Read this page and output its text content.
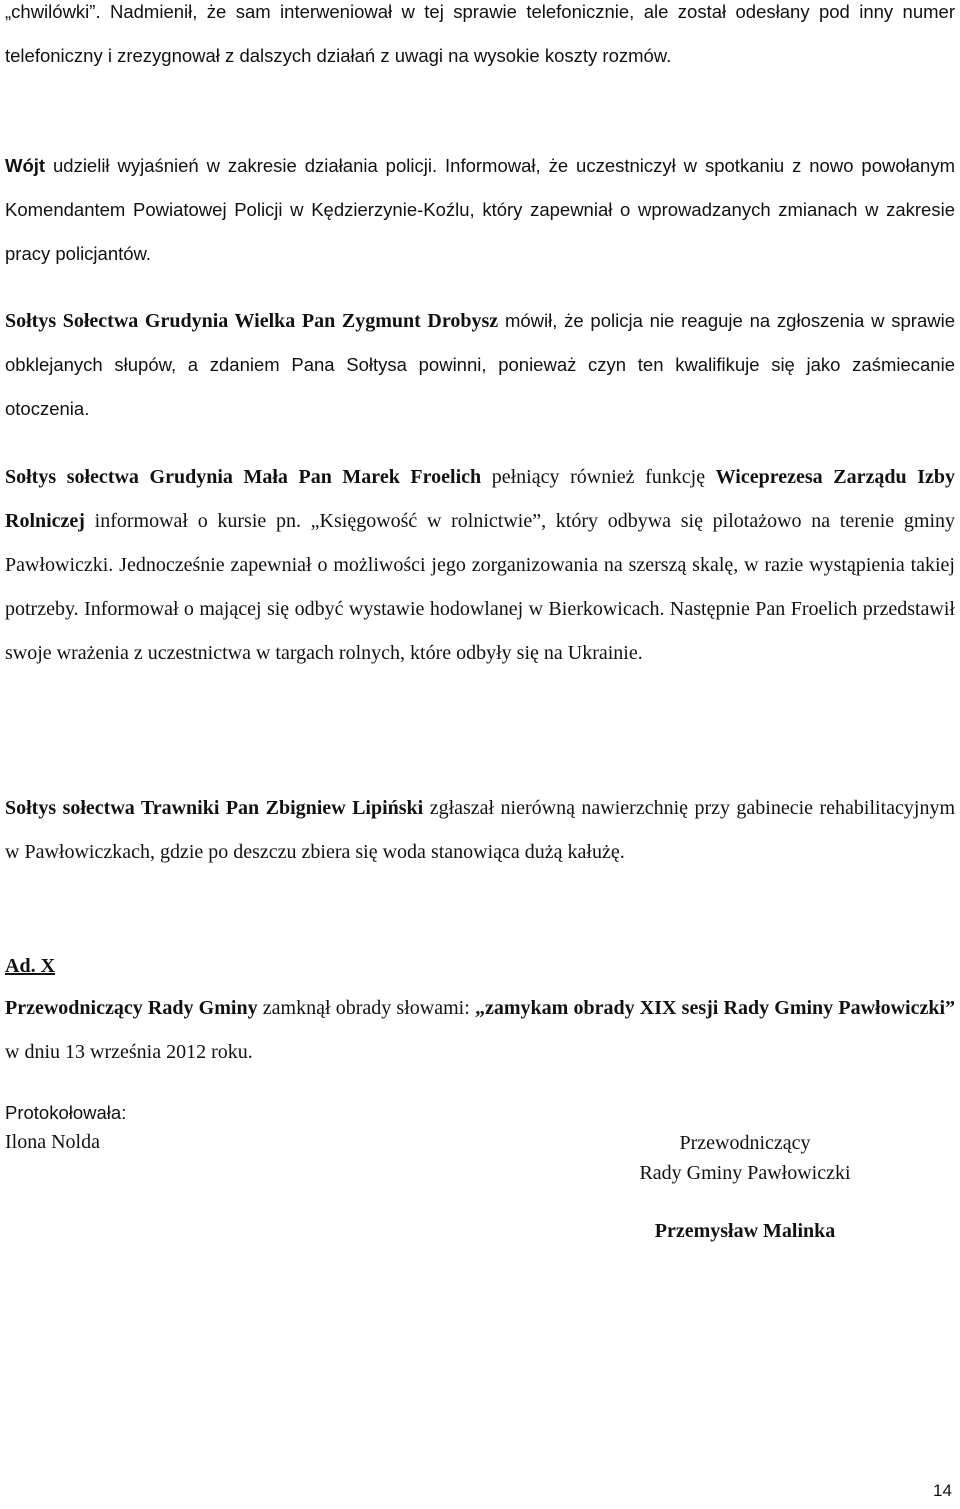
„chwilówki”. Nadmienił, że sam interweniował w tej sprawie telefonicznie, ale został odesłany pod inny numer telefoniczny i zrezygnował z dalszych działań z uwagi na wysokie koszty rozmów.

Wójt udzielił wyjaśnień w zakresie działania policji. Informował, że uczestniczył w spotkaniu z nowo powołanym Komendantem Powiatowej Policji w Kędzierzynie-Koźlu, który zapewniał o wprowadzanych zmianach w zakresie pracy policjantów.

Sołtys Sołectwa Grudynia Wielka Pan Zygmunt Drobysz mówił, że policja nie reaguje na zgłoszenia w sprawie obklejanych słupów, a zdaniem Pana Sołtysa powinni, ponieważ czyn ten kwalifikuje się jako zaśmiecanie otoczenia.

Sołtys sołectwa Grudynia Mała Pan Marek Froelich pełniący również funkcję Wiceprezesa Zarządu Izby Rolniczej informował o kursie pn. „Księgowość w rolnictwie”, który odbywa się pilotażowo na terenie gminy Pawłowiczki. Jednocześnie zapewniał o możliwości jego zorganizowania na szerszą skalę, w razie wystąpienia takiej potrzeby. Informował o mającej się odbyć wystawie hodowlanej w Bierkowicach. Następnie Pan Froelich przedstawił swoje wrażenia z uczestnictwa w targach rolnych, które odbyły się na Ukrainie.

Sołtys sołectwa Trawniki Pan Zbigniew Lipiński zgłaszał nierówną nawierzchnię przy gabinecie rehabilitacyjnym w Pawłowiczkach, gdzie po deszczu zbiera się woda stanowiąca dużą kałużę.

Ad. X

Przewodniczący Rady Gminy zamknął obrady słowami: „zamykam obrady XIX sesji Rady Gminy Pawłowiczki” w dniu 13 września 2012 roku.

Protokołowała:

Ilona Nolda	Przewodniczący
Rady Gminy Pawłowiczki
Przemysław Malinka
14
